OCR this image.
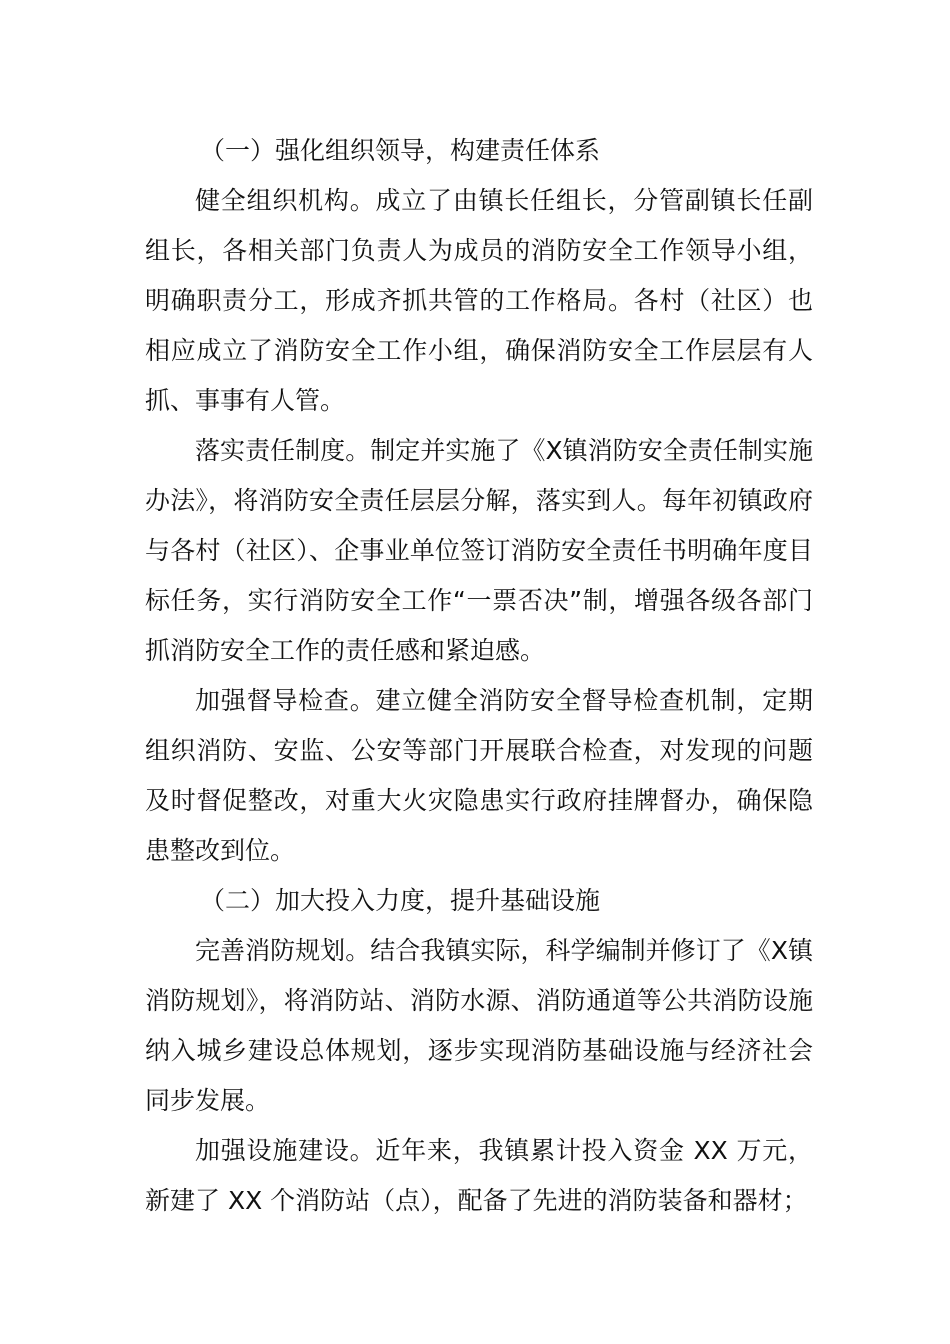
（一）强化组织领导，构建责任体系

健全组织机构。成立了由镇长任组长，分管副镇长任副组长，各相关部门负责人为成员的消防安全工作领导小组，明确职责分工，形成齐抓共管的工作格局。各村（社区）也相应成立了消防安全工作小组，确保消防安全工作层层有人抓、事事有人管。

落实责任制度。制定并实施了《X镇消防安全责任制实施办法》，将消防安全责任层层分解，落实到人。每年初镇政府与各村（社区）、企事业单位签订消防安全责任书明确年度目标任务，实行消防安全工作“一票否决”制，增强各级各部门抓消防安全工作的责任感和紧迫感。

加强督导检查。建立健全消防安全督导检查机制，定期组织消防、安监、公安等部门开展联合检查，对发现的问题及时督促整改，对重大火灾隐患实行政府挂牌督办，确保隐患整改到位。

（二）加大投入力度，提升基础设施

完善消防规划。结合我镇实际，科学编制并修订了《X镇消防规划》，将消防站、消防水源、消防通道等公共消防设施纳入城乡建设总体规划，逐步实现消防基础设施与经济社会同步发展。

加强设施建设。近年来，我镇累计投入资金 XX 万元，新建了 XX 个消防站（点），配备了先进的消防装备和器材；
